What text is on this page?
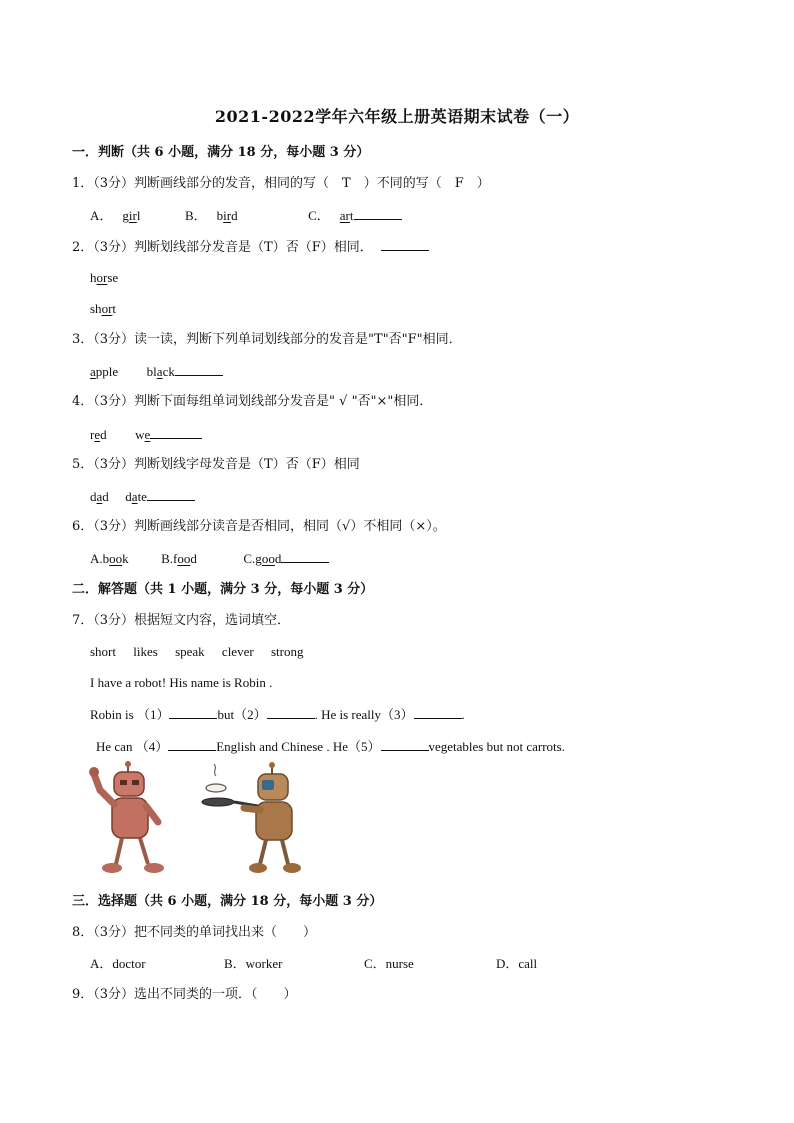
2021-2022学年六年级上册英语期末试卷（一）
一．判断（共 6 小题，满分 18 分，每小题 3 分）
1．（3分）判断画线部分的发音，相同的写（　T　）不同的写（　F　）
A． girl	B． bird	C． art
2．（3分）判断划线部分发音是（T）否（F）相同．
horse
short
3．（3分）读一读，判断下列单词划线部分的发音是"T"否"F"相同．
apple black
4．（3分）判断下面每组单词划线部分发音是" √ "否"×"相同．
red we
5．（3分）判断划线字母发音是（T）否（F）相同
dad date
6．（3分）判断画线部分读音是否相同，相同（√）不相同（×）。
A.book	B.food	C.good
二．解答题（共 1 小题，满分 3 分，每小题 3 分）
7．（3分）根据短文内容，选词填空．
short likes speak clever strong
I have a robot! His name is Robin .
Robin is （1）	but（2）	. He is really（3）	.
He can （4）	English and Chinese . He（5）	vegetables but not carrots.
三．选择题（共 6 小题，满分 18 分，每小题 3 分）
8．（3分）把不同类的单词找出来（　　）
A．doctor	B．worker	C．nurse	D．call
9．（3分）选出不同类的一项．（　　）
